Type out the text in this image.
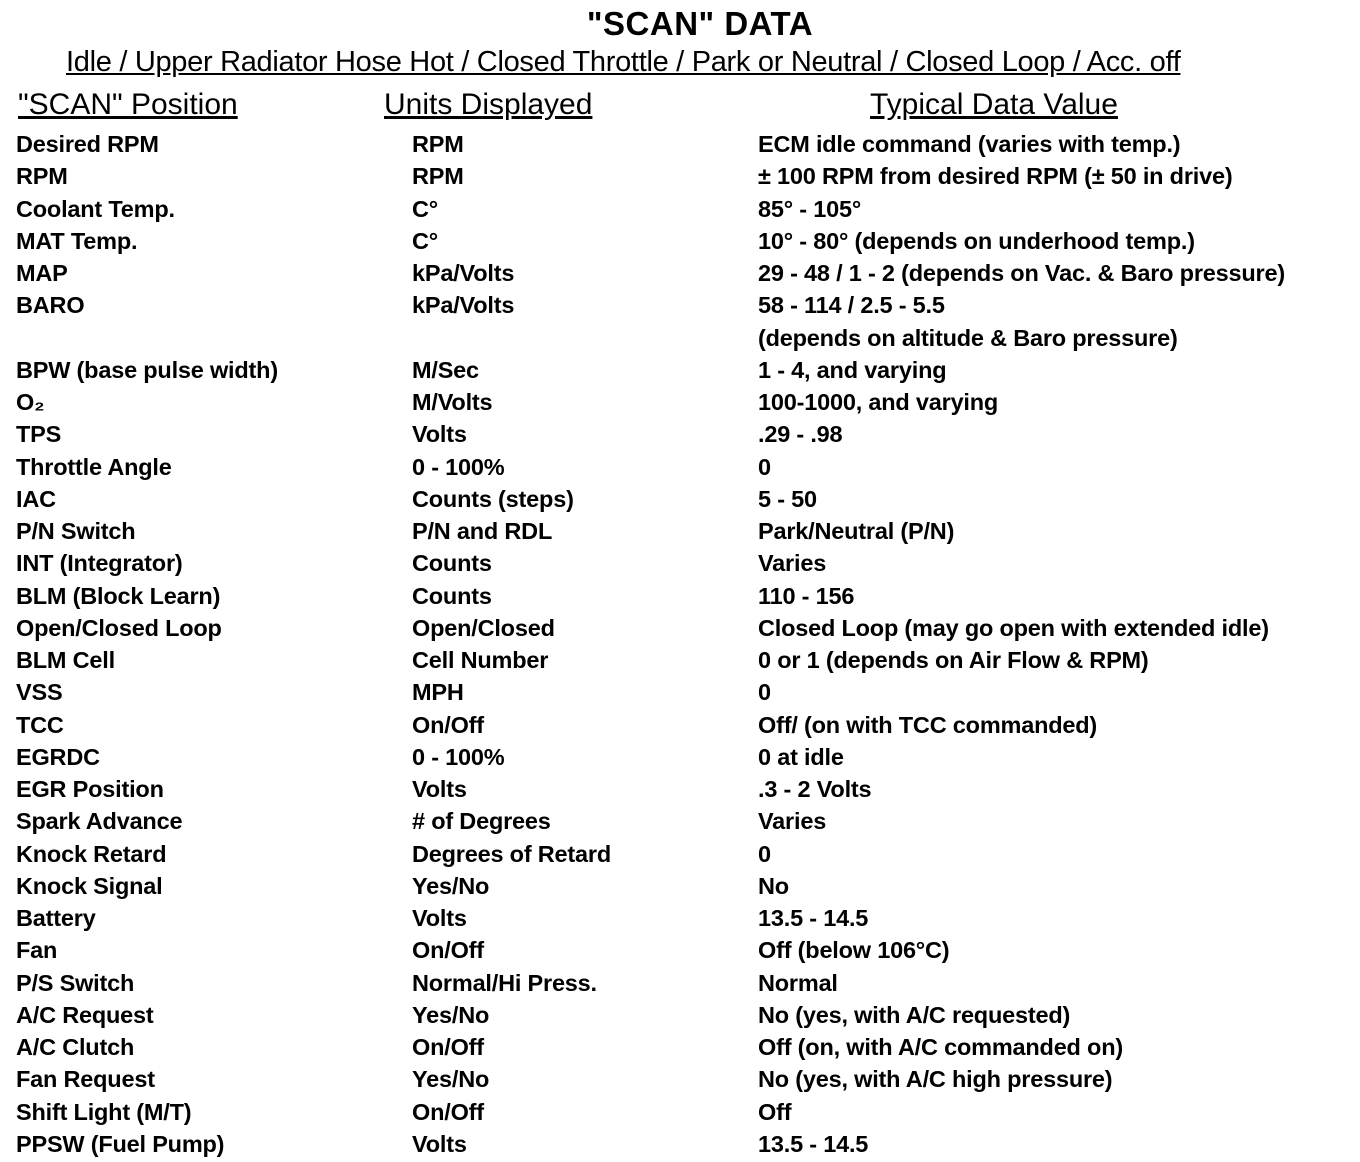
"SCAN" DATA
Idle / Upper Radiator Hose Hot / Closed Throttle / Park or Neutral / Closed Loop / Acc. off
"SCAN" Position	Units Displayed	Typical Data Value
Desired RPM	RPM	ECM idle command (varies with temp.)
RPM	RPM	± 100 RPM from desired RPM (± 50 in drive)
Coolant Temp.	C°	85° - 105°
MAT Temp.	C°	10° - 80° (depends on underhood temp.)
MAP	kPa/Volts	29 - 48 / 1 - 2 (depends on Vac. & Baro pressure)
BARO	kPa/Volts	58 - 114 / 2.5 - 5.5
(depends on altitude & Baro pressure)
BPW (base pulse width)	M/Sec	1 - 4, and varying
O₂	M/Volts	100-1000, and varying
TPS	Volts	.29 - .98
Throttle Angle	0 - 100%	0
IAC	Counts (steps)	5 - 50
P/N Switch	P/N and RDL	Park/Neutral (P/N)
INT (Integrator)	Counts	Varies
BLM (Block Learn)	Counts	110 - 156
Open/Closed Loop	Open/Closed	Closed Loop (may go open with extended idle)
BLM Cell	Cell Number	0 or 1 (depends on Air Flow & RPM)
VSS	MPH	0
TCC	On/Off	Off/ (on with TCC commanded)
EGRDC	0 - 100%	0 at idle
EGR Position	Volts	.3 - 2 Volts
Spark Advance	# of Degrees	Varies
Knock Retard	Degrees of Retard	0
Knock Signal	Yes/No	No
Battery	Volts	13.5 - 14.5
Fan	On/Off	Off (below 106°C)
P/S Switch	Normal/Hi Press.	Normal
A/C Request	Yes/No	No (yes, with A/C requested)
A/C Clutch	On/Off	Off (on, with A/C commanded on)
Fan Request	Yes/No	No (yes, with A/C high pressure)
Shift Light (M/T)	On/Off	Off
PPSW (Fuel Pump)	Volts	13.5 - 14.5
